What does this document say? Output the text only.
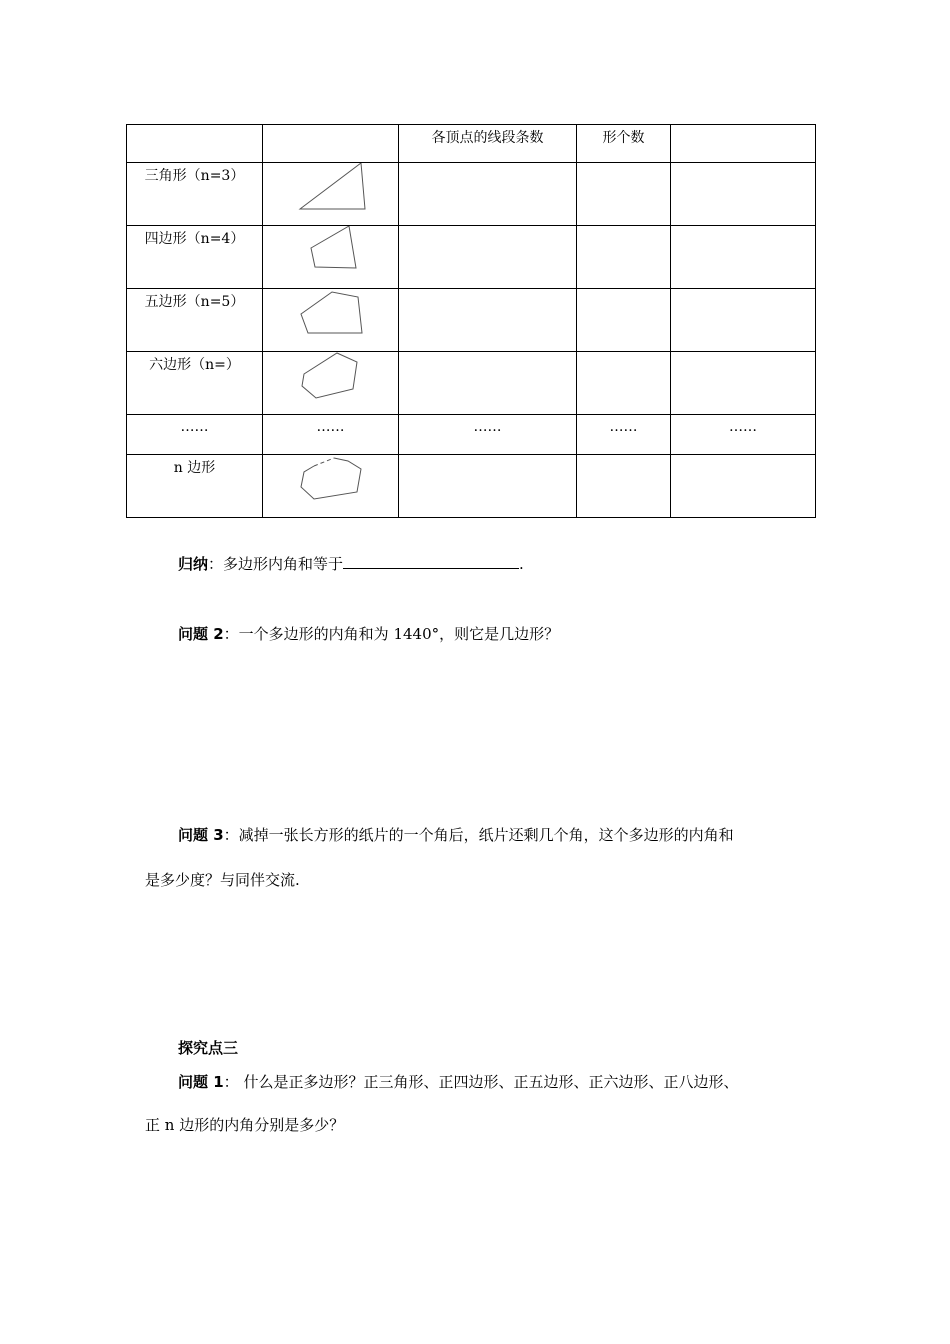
		各顶点的线段条数	形个数	

三角形（n=3）

四边形（n=4）

五边形（n=5）

六边形（n=）

……	……	……	……	……

n 边形

归纳：多边形内角和等于	.
问题 2：一个多边形的内角和为 1440°，则它是几边形？
问题 3：减掉一张长方形的纸片的一个角后，纸片还剩几个角，这个多边形的内角和
是多少度？与同伴交流.
探究点三
问题 1： 什么是正多边形？正三角形、正四边形、正五边形、正六边形、正八边形、
正 n 边形的内角分别是多少？
